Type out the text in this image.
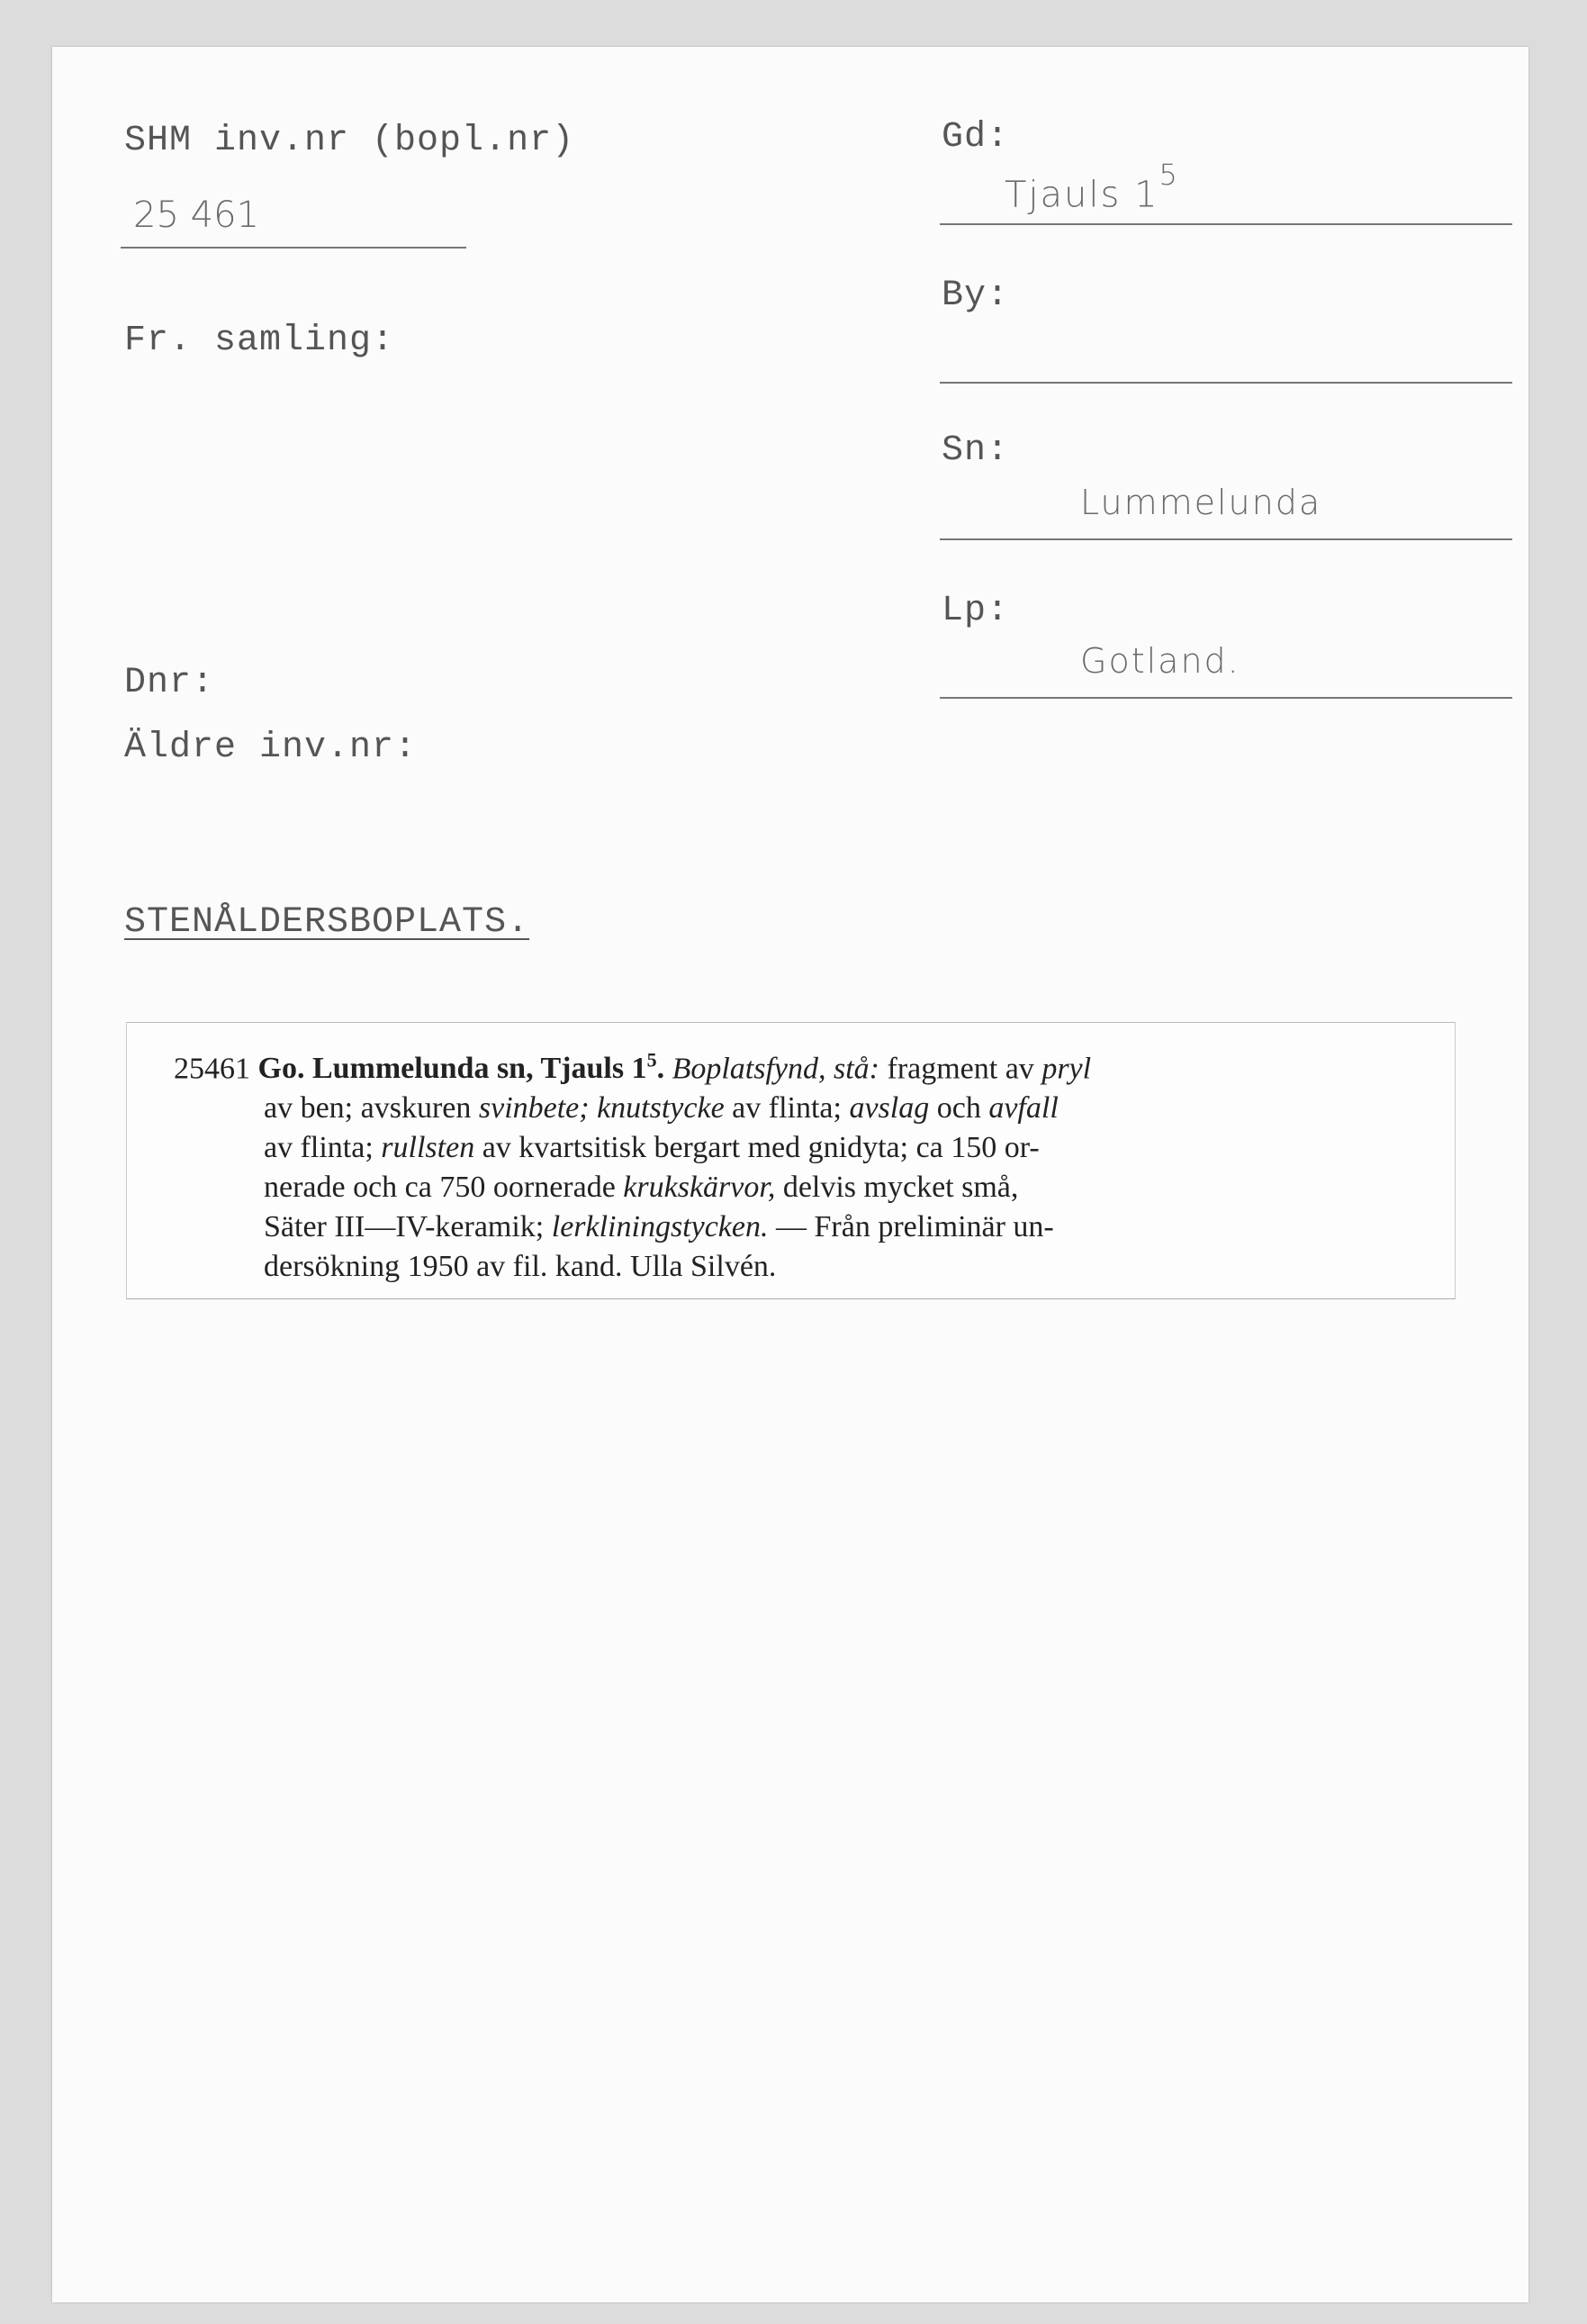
SHM inv.nr (bopl.nr)
25 461
Fr. samling:
Dnr:
Äldre inv.nr:
STENÅLDERSBOPLATS.
Gd:
Tjauls $1^5$
By:
Sn:
Lummelunda
Lp:
Gotland.
25461 Go. Lummelunda sn, Tjauls $1^5$. Boplatsfynd, stå: fragment av pryl
av ben; avskuren svinbete; knutstycke av flinta; avslag och avfall
av flinta; rullsten av kvartsitisk bergart med gnidyta; ca 150 or-
nerade och ca 750 oornerade krukskärvor, delvis mycket små,
Säter III—IV-keramik; lerkliningstycken. — Från preliminär un-
dersökning 1950 av fil. kand. Ulla Silvén.
